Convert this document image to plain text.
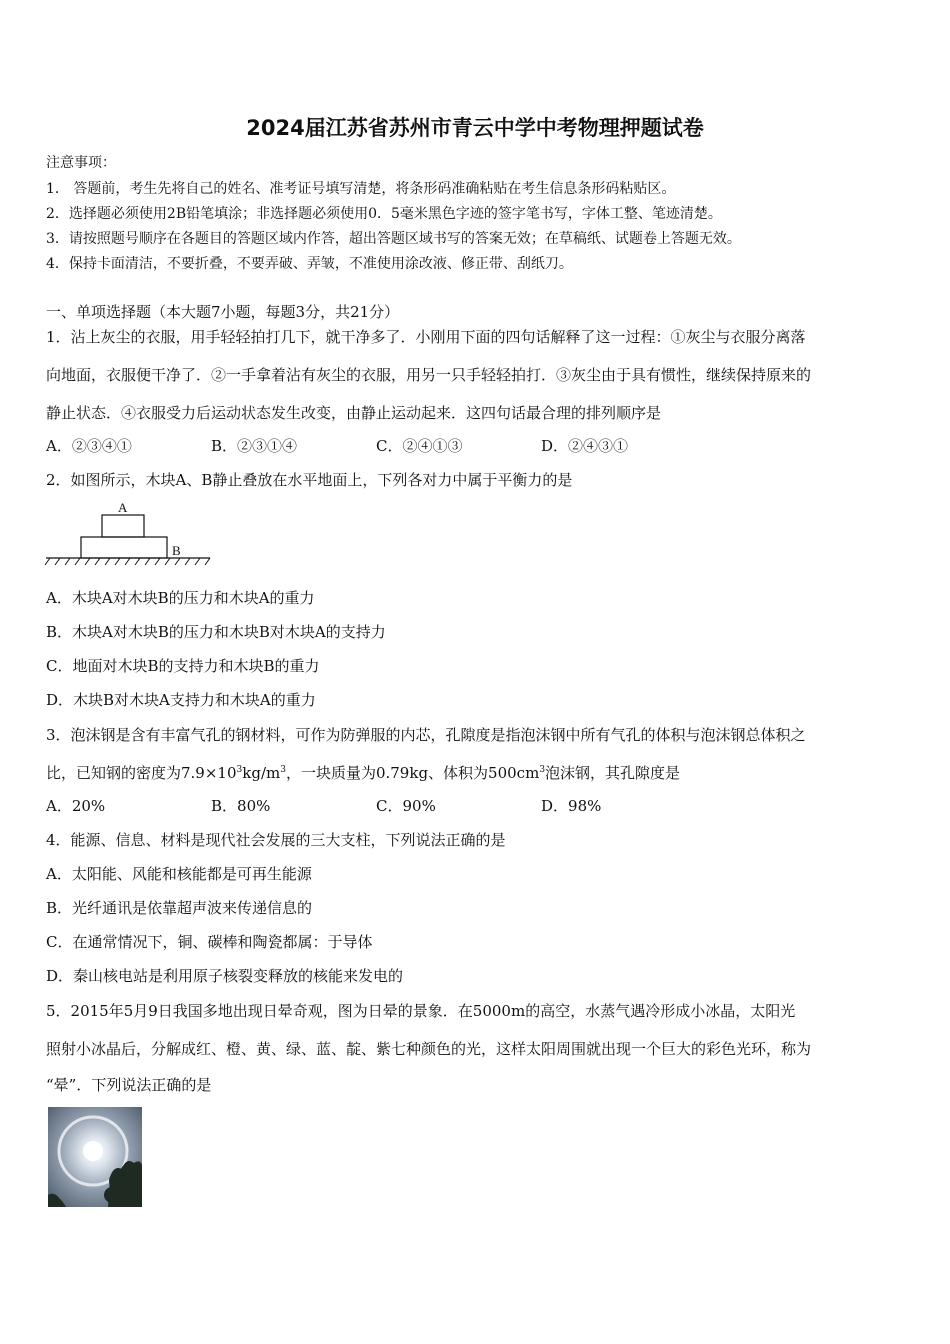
2024届江苏省苏州市青云中学中考物理押题试卷
注意事项：
1． 答题前，考生先将自己的姓名、准考证号填写清楚，将条形码准确粘贴在考生信息条形码粘贴区。
2．选择题必须使用2B铅笔填涂；非选择题必须使用0．5毫米黑色字迹的签字笔书写，字体工整、笔迹清楚。
3．请按照题号顺序在各题目的答题区域内作答，超出答题区域书写的答案无效；在草稿纸、试题卷上答题无效。
4．保持卡面清洁，不要折叠，不要弄破、弄皱，不准使用涂改液、修正带、刮纸刀。
一、单项选择题（本大题7小题，每题3分，共21分）
1．沾上灰尘的衣服，用手轻轻拍打几下，就干净多了．小刚用下面的四句话解释了这一过程：①灰尘与衣服分离落
向地面，衣服便干净了．②一手拿着沾有灰尘的衣服，用另一只手轻轻拍打．③灰尘由于具有惯性，继续保持原来的
静止状态．④衣服受力后运动状态发生改变，由静止运动起来．这四句话最合理的排列顺序是
A．②③④①	B．②③①④	C．②④①③	D．②④③①
2．如图所示，木块A、B静止叠放在水平地面上，下列各对力中属于平衡力的是
A
B
A．木块A对木块B的压力和木块A的重力
B．木块A对木块B的压力和木块B对木块A的支持力
C．地面对木块B的支持力和木块B的重力
D．木块B对木块A支持力和木块A的重力
3．泡沫钢是含有丰富气孔的钢材料，可作为防弹服的内芯，孔隙度是指泡沫钢中所有气孔的体积与泡沫钢总体积之
比，已知钢的密度为$7.9\times 10^3kg/m^3$，一块质量为0.79kg、体积为$500cm^3$泡沫钢，其孔隙度是
A．20%	B．80%	C．90%	D．98%
4．能源、信息、材料是现代社会发展的三大支柱，下列说法正确的是
A．太阳能、风能和核能都是可再生能源
B．光纤通讯是依靠超声波来传递信息的
C．在通常情况下，铜、碳棒和陶瓷都属：于导体
D．秦山核电站是利用原子核裂变释放的核能来发电的
5．2015年5月9日我国多地出现日晕奇观，图为日晕的景象．在5000m的高空，水蒸气遇冷形成小冰晶，太阳光
照射小冰晶后，分解成红、橙、黄、绿、蓝、靛、紫七种颜色的光，这样太阳周围就出现一个巨大的彩色光环，称为
“晕”．下列说法正确的是
